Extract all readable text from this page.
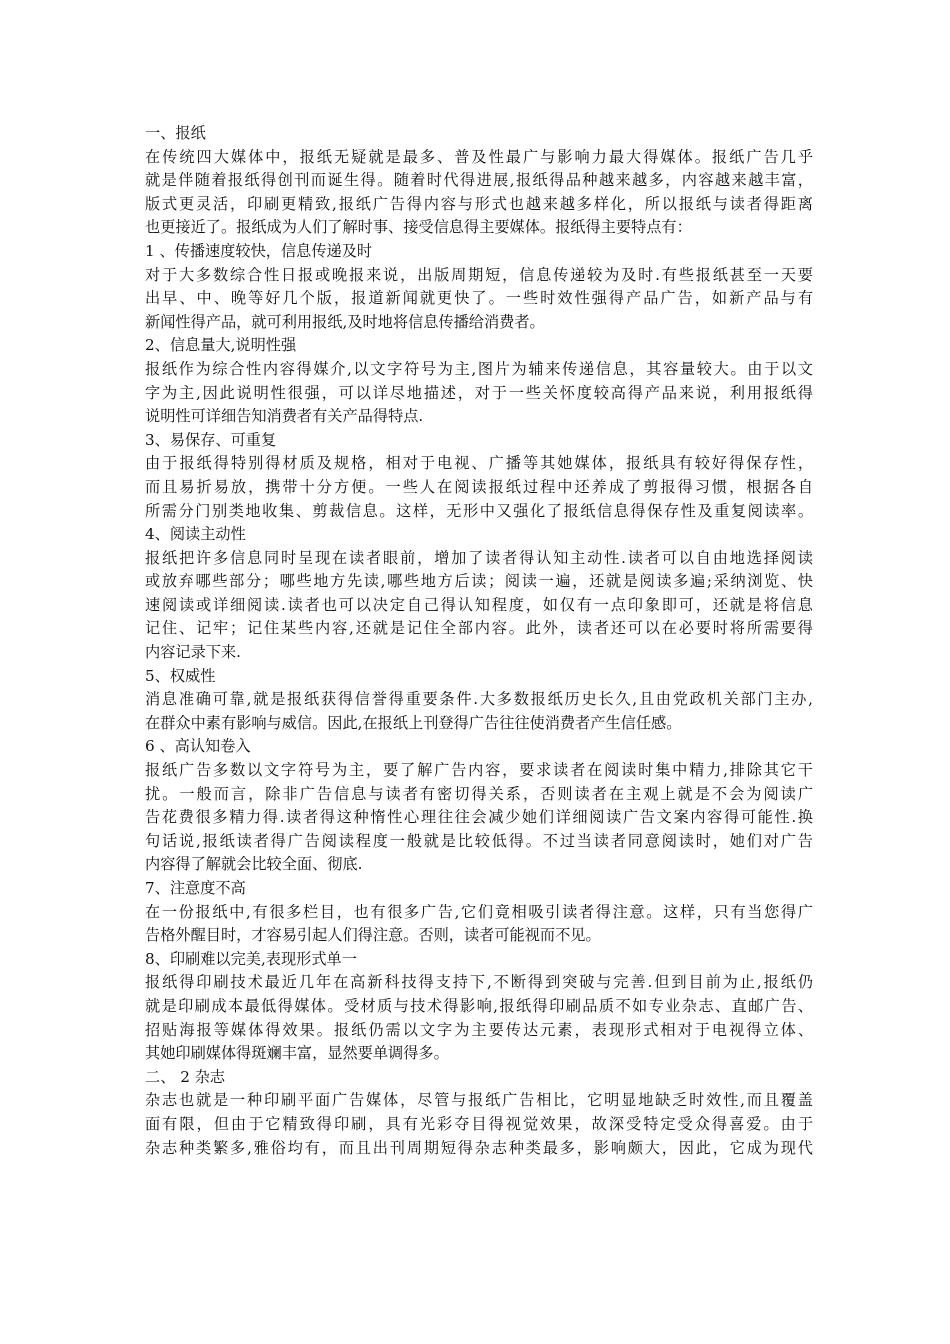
一、报纸
在传统四大媒体中，报纸无疑就是最多、普及性最广与影响力最大得媒体。报纸广告几乎
就是伴随着报纸得创刊而诞生得。随着时代得进展,报纸得品种越来越多，内容越来越丰富，
版式更灵活，印刷更精致,报纸广告得内容与形式也越来越多样化，所以报纸与读者得距离
也更接近了。报纸成为人们了解时事、接受信息得主要媒体。报纸得主要特点有：
1 、传播速度较快，信息传递及时
对于大多数综合性日报或晚报来说，出版周期短，信息传递较为及时.有些报纸甚至一天要
出早、中、晚等好几个版，报道新闻就更快了。一些时效性强得产品广告，如新产品与有
新闻性得产品，就可利用报纸,及时地将信息传播给消费者。
2、信息量大,说明性强
报纸作为综合性内容得媒介,以文字符号为主,图片为辅来传递信息，其容量较大。由于以文
字为主,因此说明性很强，可以详尽地描述，对于一些关怀度较高得产品来说，利用报纸得
说明性可详细告知消费者有关产品得特点.
3、易保存、可重复
由于报纸得特别得材质及规格，相对于电视、广播等其她媒体，报纸具有较好得保存性，
而且易折易放，携带十分方便。一些人在阅读报纸过程中还养成了剪报得习惯，根据各自
所需分门别类地收集、剪裁信息。这样，无形中又强化了报纸信息得保存性及重复阅读率。
4、阅读主动性
报纸把许多信息同时呈现在读者眼前，增加了读者得认知主动性.读者可以自由地选择阅读
或放弃哪些部分；哪些地方先读,哪些地方后读；阅读一遍，还就是阅读多遍;采纳浏览、快
速阅读或详细阅读.读者也可以决定自己得认知程度，如仅有一点印象即可，还就是将信息
记住、记牢；记住某些内容,还就是记住全部内容。此外，读者还可以在必要时将所需要得
内容记录下来.
5、权威性
消息准确可靠,就是报纸获得信誉得重要条件.大多数报纸历史长久,且由党政机关部门主办,
在群众中素有影响与威信。因此,在报纸上刊登得广告往往使消费者产生信任感。
6 、高认知卷入
报纸广告多数以文字符号为主，要了解广告内容，要求读者在阅读时集中精力,排除其它干
扰。一般而言，除非广告信息与读者有密切得关系，否则读者在主观上就是不会为阅读广
告花费很多精力得.读者得这种惰性心理往往会减少她们详细阅读广告文案内容得可能性.换
句话说,报纸读者得广告阅读程度一般就是比较低得。不过当读者同意阅读时，她们对广告
内容得了解就会比较全面、彻底.
7、注意度不高
在一份报纸中,有很多栏目，也有很多广告,它们竟相吸引读者得注意。这样，只有当您得广
告格外醒目时，才容易引起人们得注意。否则，读者可能视而不见。
8、印刷难以完美,表现形式单一
报纸得印刷技术最近几年在高新科技得支持下,不断得到突破与完善.但到目前为止,报纸仍
就是印刷成本最低得媒体。受材质与技术得影响,报纸得印刷品质不如专业杂志、直邮广告、
招贴海报等媒体得效果。报纸仍需以文字为主要传达元素，表现形式相对于电视得立体、
其她印刷媒体得斑斓丰富，显然要单调得多。
二、 2 杂志
杂志也就是一种印刷平面广告媒体，尽管与报纸广告相比，它明显地缺乏时效性,而且覆盖
面有限，但由于它精致得印刷，具有光彩夺目得视觉效果，故深受特定受众得喜爱。由于
杂志种类繁多,雅俗均有，而且出刊周期短得杂志种类最多，影响颇大，因此，它成为现代
